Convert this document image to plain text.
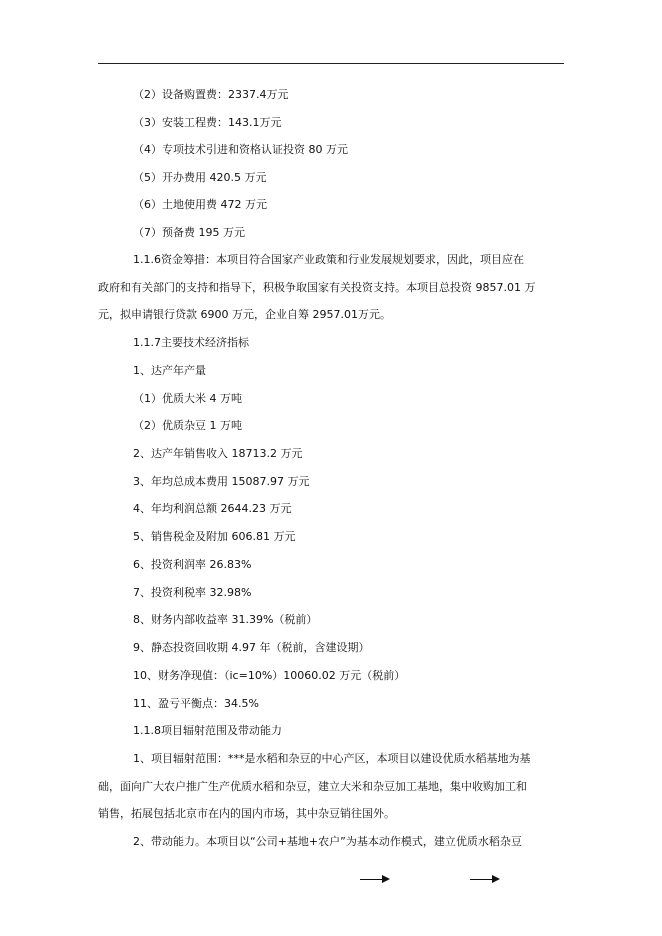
（2）设备购置费：2337.4万元
（3）安装工程费：143.1万元
（4）专项技术引进和资格认证投资 80 万元
（5）开办费用 420.5 万元
（6）土地使用费 472 万元
（7）预备费 195 万元
1.1.6资金筹措：本项目符合国家产业政策和行业发展规划要求，因此，项目应在
政府和有关部门的支持和指导下，积极争取国家有关投资支持。本项目总投资 9857.01 万
元，拟申请银行贷款 6900 万元，企业自筹 2957.01万元。
1.1.7主要技术经济指标
1、达产年产量
（1）优质大米 4 万吨
（2）优质杂豆 1 万吨
2、达产年销售收入 18713.2 万元
3、年均总成本费用 15087.97 万元
4、年均利润总额 2644.23 万元
5、销售税金及附加 606.81 万元
6、投资利润率 26.83%
7、投资利税率 32.98%
8、财务内部收益率 31.39%（税前）
9、静态投资回收期 4.97 年（税前，含建设期）
10、财务净现值：（ic=10%）10060.02 万元（税前）
11、盈亏平衡点：34.5%
1.1.8项目辐射范围及带动能力
1、项目辐射范围：***是水稻和杂豆的中心产区，本项目以建设优质水稻基地为基
础，面向广大农户推广生产优质水稻和杂豆，建立大米和杂豆加工基地，集中收购加工和
销售，拓展包括北京市在内的国内市场，其中杂豆销往国外。
2、带动能力。本项目以“公司+基地+农户”为基本动作模式，建立优质水稻杂豆
